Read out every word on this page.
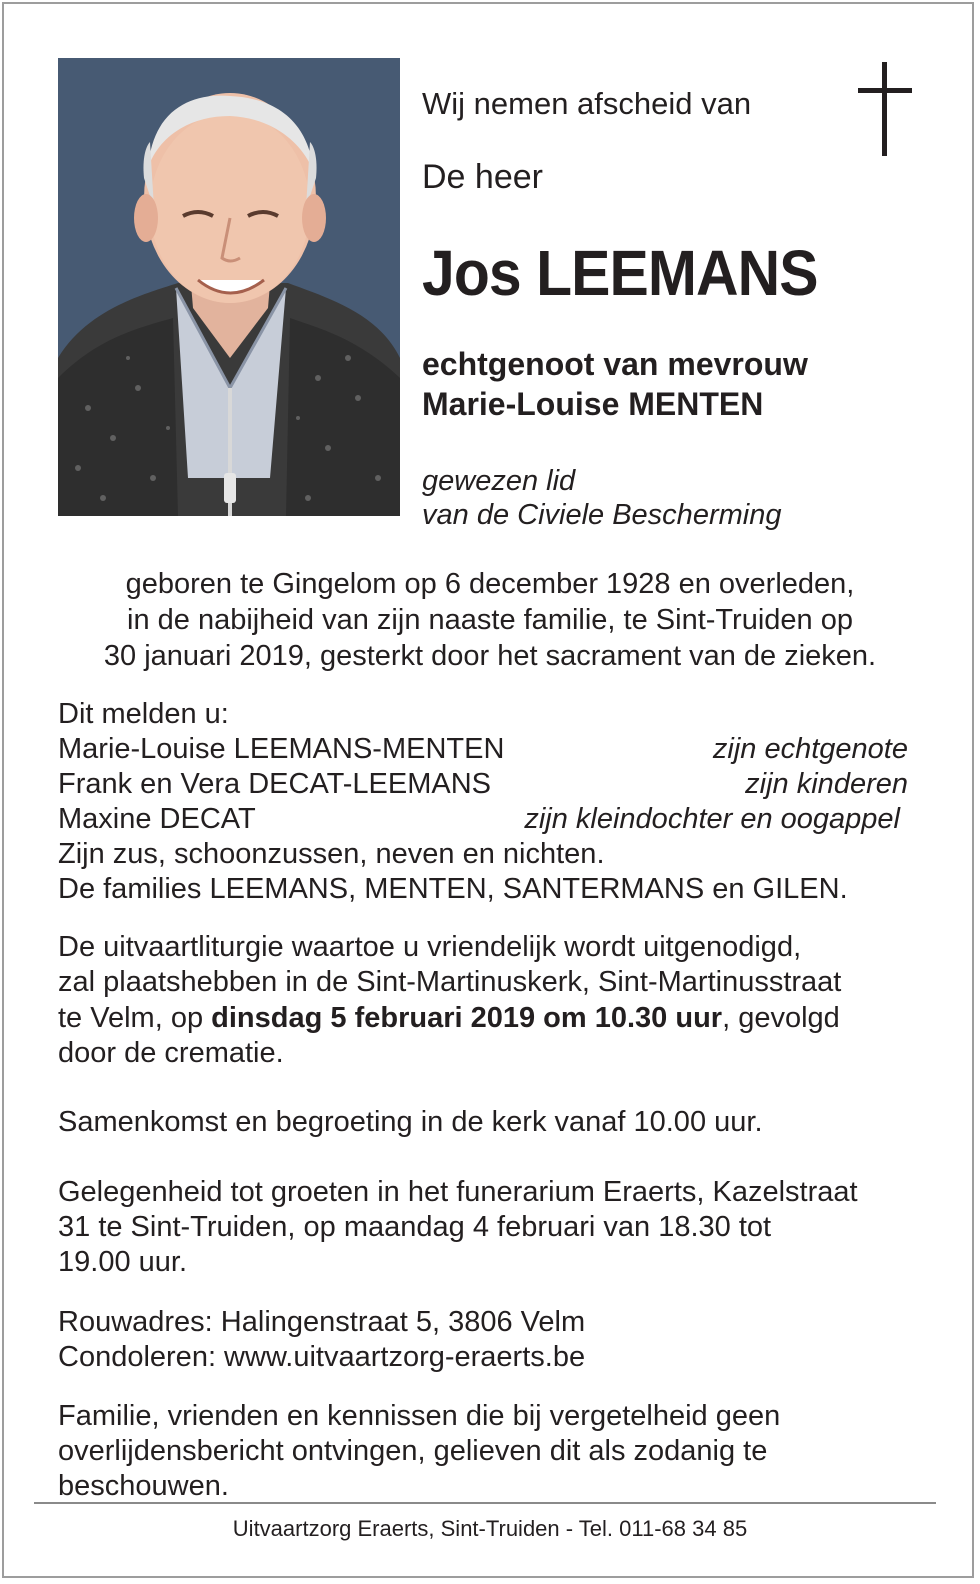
Wij nemen afscheid van
De heer
Jos LEEMANS
echtgenoot van mevrouw
Marie-Louise MENTEN
gewezen lid
van de Civiele Bescherming
geboren te Gingelom op 6 december 1928 en overleden,
in de nabijheid van zijn naaste familie, te Sint-Truiden op
30 januari 2019, gesterkt door het sacrament van de zieken.
Dit melden u:
Marie-Louise LEEMANS-MENTEN	zijn echtgenote
Frank en Vera DECAT-LEEMANS	zijn kinderen
Maxine DECAT	zijn kleindochter en oogappel
Zijn zus, schoonzussen, neven en nichten.
De families LEEMANS, MENTEN, SANTERMANS en GILEN.
De uitvaartliturgie waartoe u vriendelijk wordt uitgenodigd,
zal plaatshebben in de Sint-Martinuskerk, Sint-Martinusstraat
te Velm, op dinsdag 5 februari 2019 om 10.30 uur, gevolgd
door de crematie.
Samenkomst en begroeting in de kerk vanaf 10.00 uur.
Gelegenheid tot groeten in het funerarium Eraerts, Kazelstraat
31 te Sint-Truiden, op maandag 4 februari van 18.30 tot
19.00 uur.
Rouwadres: Halingenstraat 5, 3806 Velm
Condoleren: www.uitvaartzorg-eraerts.be
Familie, vrienden en kennissen die bij vergetelheid geen
overlijdensbericht ontvingen, gelieven dit als zodanig te
beschouwen.
Uitvaartzorg Eraerts, Sint-Truiden - Tel. 011-68 34 85
